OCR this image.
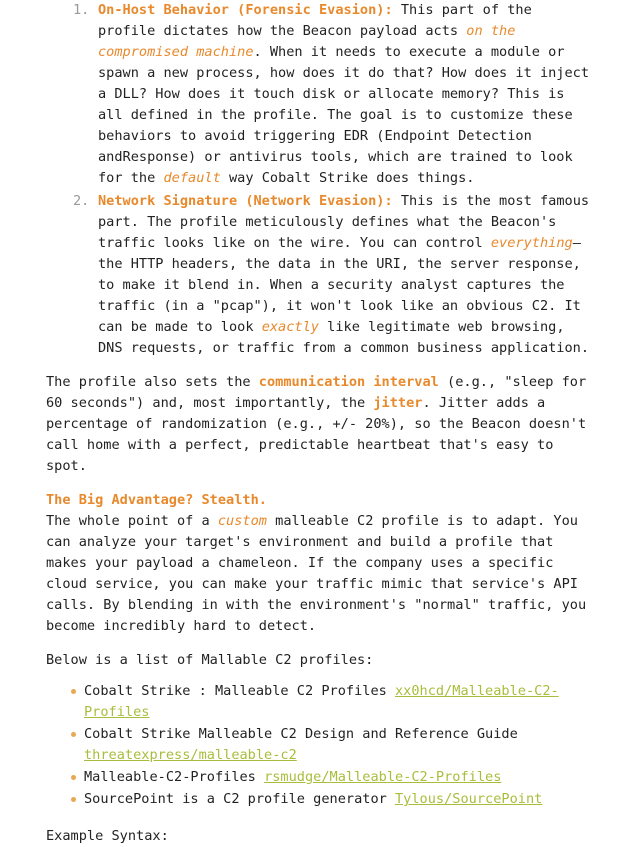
1. On-Host Behavior (Forensic Evasion): This part of the profile dictates how the Beacon payload acts on the compromised machine. When it needs to execute a module or spawn a new process, how does it do that? How does it inject a DLL? How does it touch disk or allocate memory? This is all defined in the profile. The goal is to customize these behaviors to avoid triggering EDR (Endpoint Detection andResponse) or antivirus tools, which are trained to look for the default way Cobalt Strike does things.
2. Network Signature (Network Evasion): This is the most famous part. The profile meticulously defines what the Beacon's traffic looks like on the wire. You can control everything—the HTTP headers, the data in the URI, the server response, to make it blend in. When a security analyst captures the traffic (in a "pcap"), it won't look like an obvious C2. It can be made to look exactly like legitimate web browsing, DNS requests, or traffic from a common business application.

The profile also sets the communication interval (e.g., "sleep for 60 seconds") and, most importantly, the jitter. Jitter adds a percentage of randomization (e.g., +/- 20%), so the Beacon doesn't call home with a perfect, predictable heartbeat that's easy to spot.

The Big Advantage? Stealth.
The whole point of a custom malleable C2 profile is to adapt. You can analyze your target's environment and build a profile that makes your payload a chameleon. If the company uses a specific cloud service, you can make your traffic mimic that service's API calls. By blending in with the environment's "normal" traffic, you become incredibly hard to detect.

Below is a list of Mallable C2 profiles:

Cobalt Strike : Malleable C2 Profiles xx0hcd/Malleable-C2-Profiles
Cobalt Strike Malleable C2 Design and Reference Guide threatexpress/malleable-c2
Malleable-C2-Profiles rsmudge/Malleable-C2-Profiles
SourcePoint is a C2 profile generator Tylous/SourcePoint

Example Syntax:
